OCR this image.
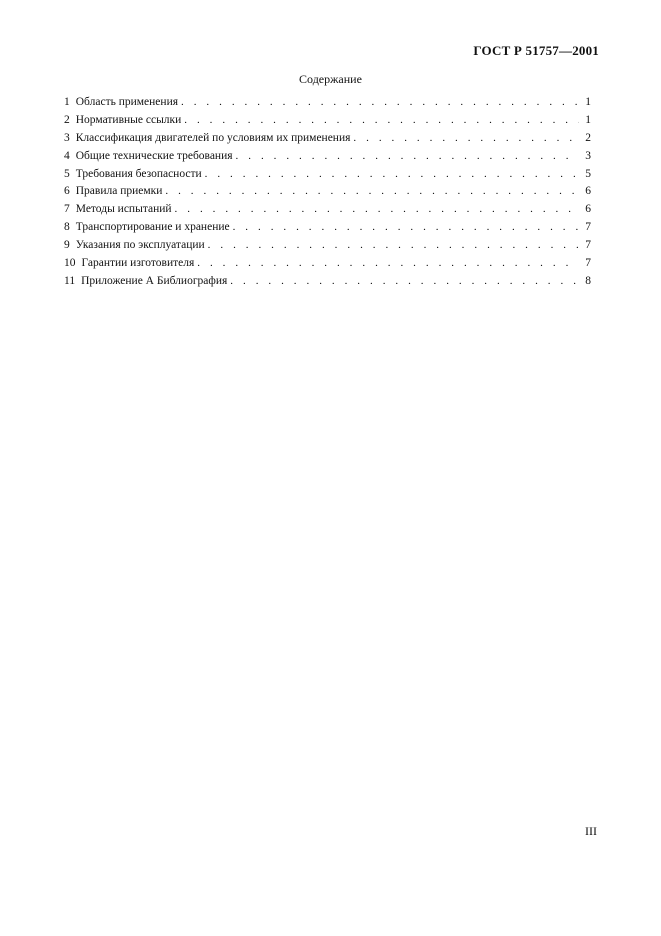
ГОСТ Р 51757—2001
Содержание
1 Область применения . . .	1
2 Нормативные ссылки . . .	1
3 Классификация двигателей по условиям их применения . . .	2
4 Общие технические требования . . .	3
5 Требования безопасности . . .	5
6 Правила приемки . . .	6
7 Методы испытаний . . .	6
8 Транспортирование и хранение . . .	7
9 Указания по эксплуатации . . .	7
10 Гарантии изготовителя . . .	7
11 Приложение А Библиография . . .	8
III
